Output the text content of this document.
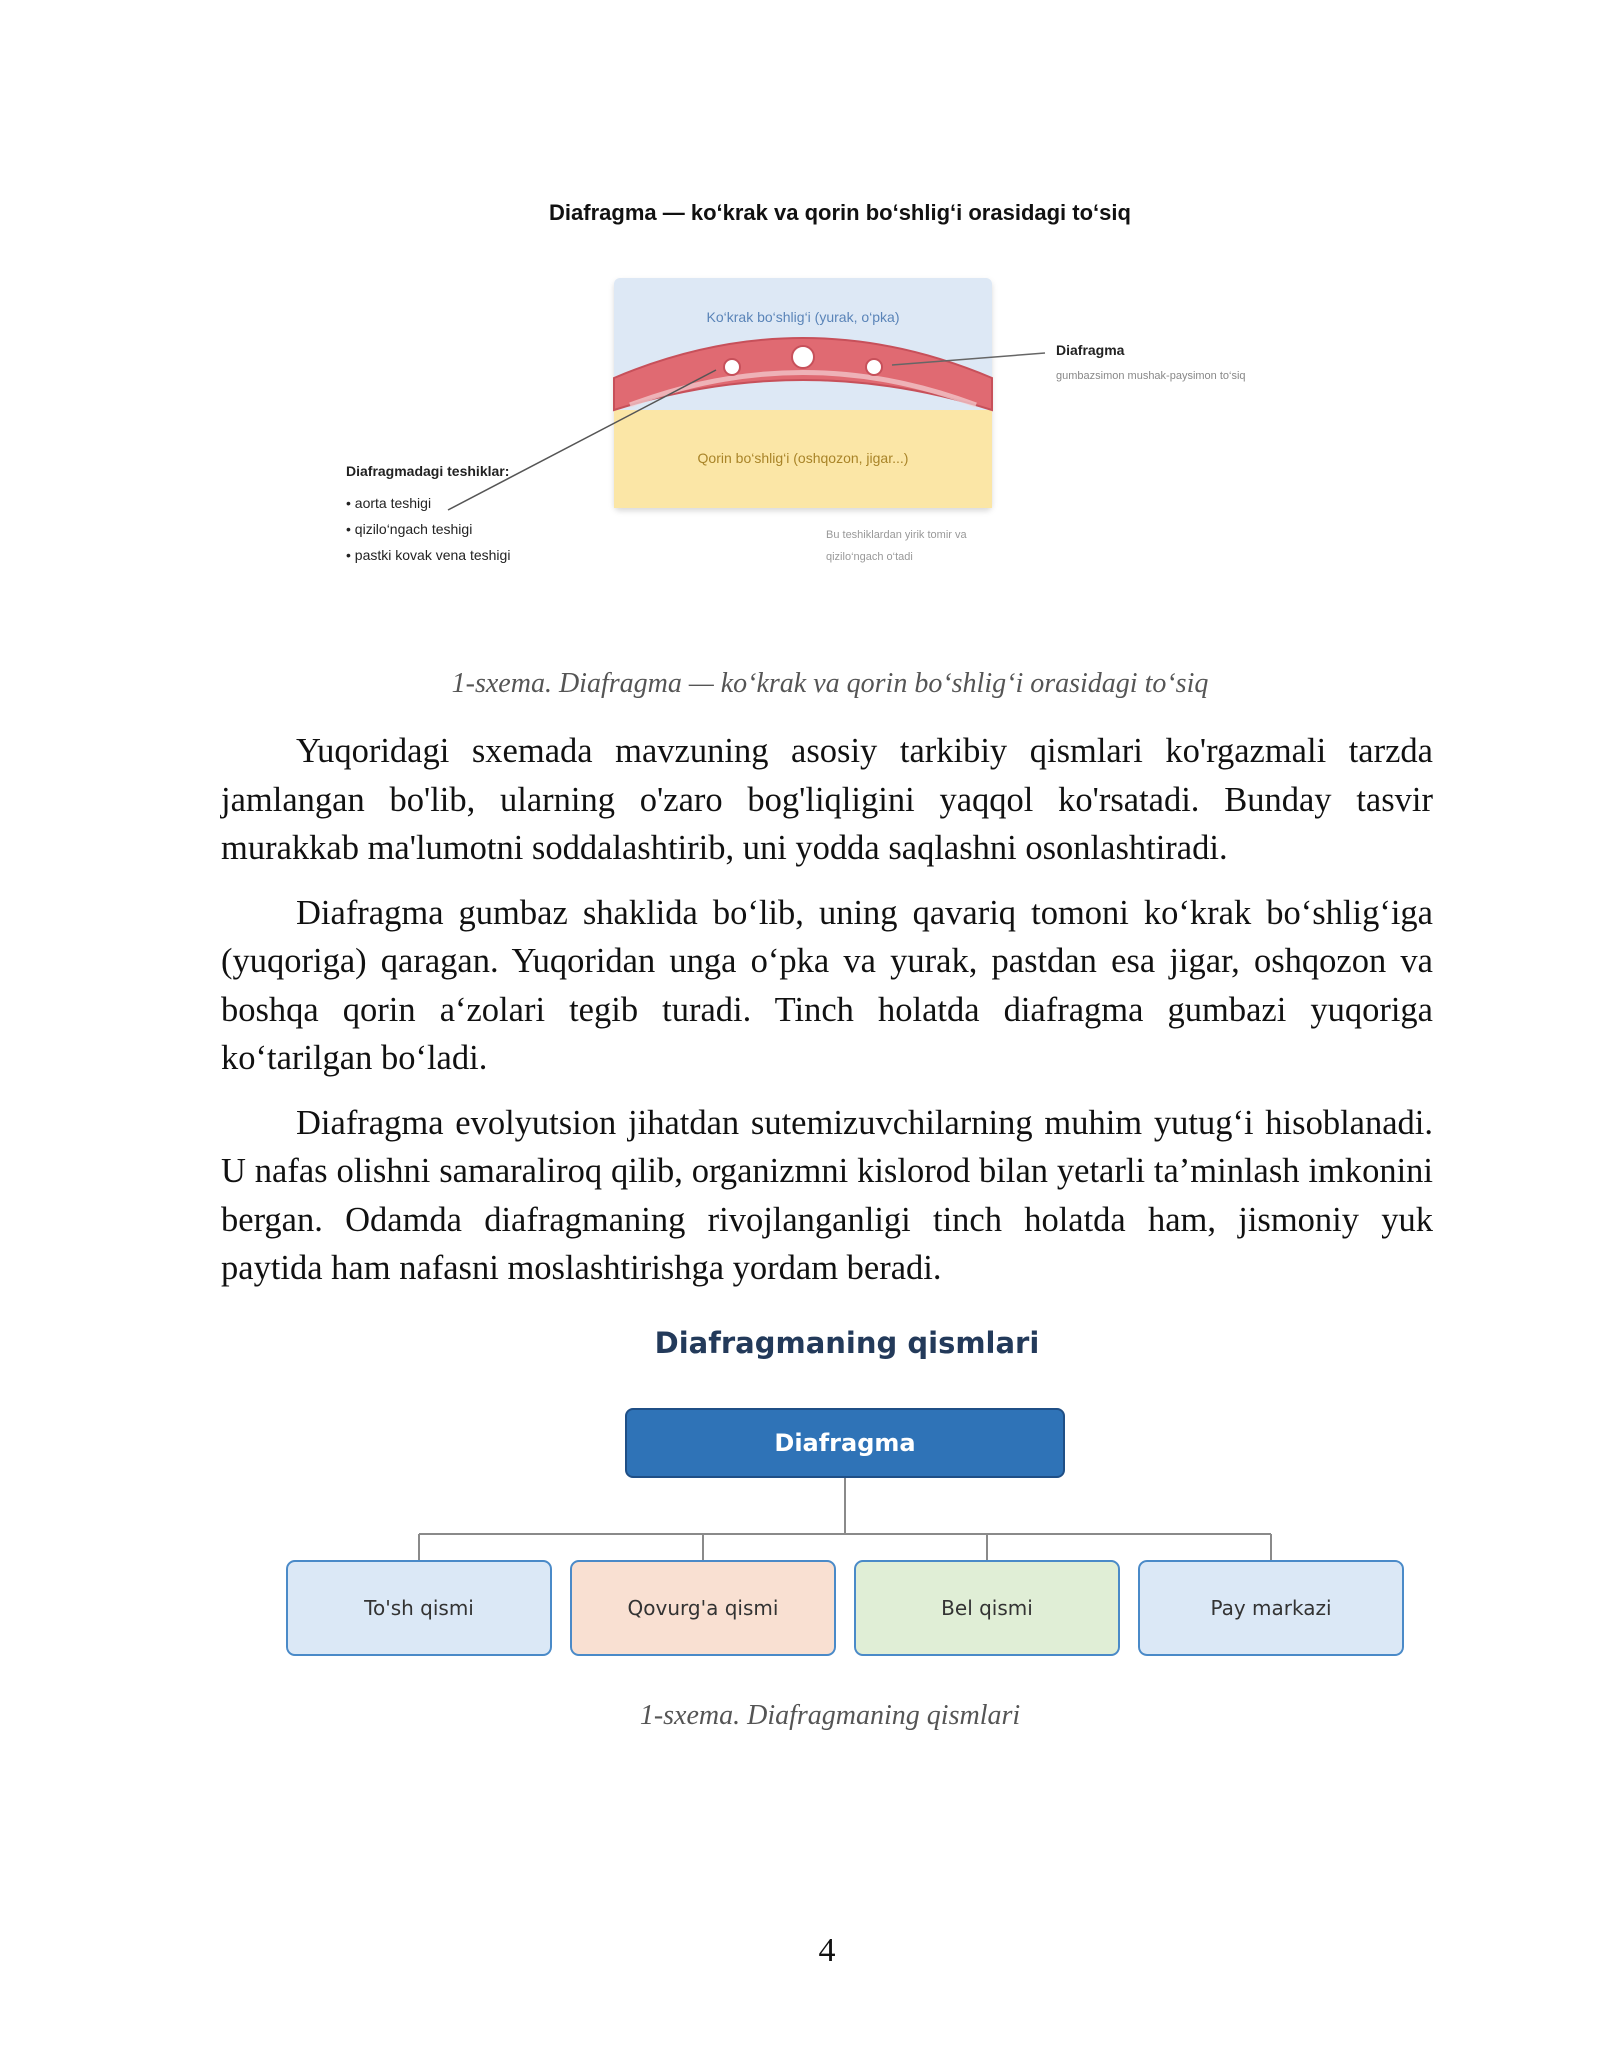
Diafragma — ko‘krak va qorin bo‘shlig‘i orasidagi to‘siq
Ko‘krak bo‘shlig‘i (yurak, o‘pka)
Qorin bo‘shlig‘i (oshqozon, jigar...)
Diafragma
gumbazsimon mushak-paysimon to‘siq
Diafragmadagi teshiklar:
• aorta teshigi
• qizilo‘ngach teshigi
• pastki kovak vena teshigi
Bu teshiklardan yirik tomir va
qizilo‘ngach o‘tadi
1-sxema. Diafragma — ko‘krak va qorin bo‘shlig‘i orasidagi to‘siq

Yuqoridagi sxemada mavzuning asosiy tarkibiy qismlari ko'rgazmali tarzda jamlangan bo'lib, ularning o'zaro bog'liqligini yaqqol ko'rsatadi. Bunday tasvir murakkab ma'lumotni soddalashtirib, uni yodda saqlashni osonlashtiradi.

Diafragma gumbaz shaklida bo‘lib, uning qavariq tomoni ko‘krak bo‘shlig‘iga (yuqoriga) qaragan. Yuqoridan unga o‘pka va yurak, pastdan esa jigar, oshqozon va boshqa qorin a‘zolari tegib turadi. Tinch holatda diafragma gumbazi yuqoriga ko‘tarilgan bo‘ladi.

Diafragma evolyutsion jihatdan sutemizuvchilarning muhim yutug‘i hisoblanadi. U nafas olishni samaraliroq qilib, organizmni kislorod bilan yetarli ta’minlash imkonini bergan. Odamda diafragmaning rivojlanganligi tinch holatda ham, jismoniy yuk paytida ham nafasni moslashtirishga yordam beradi.

Diafragmaning qismlari
Diafragma
To'sh qismi	Qovurg'a qismi	Bel qismi	Pay markazi
1-sxema. Diafragmaning qismlari
4
